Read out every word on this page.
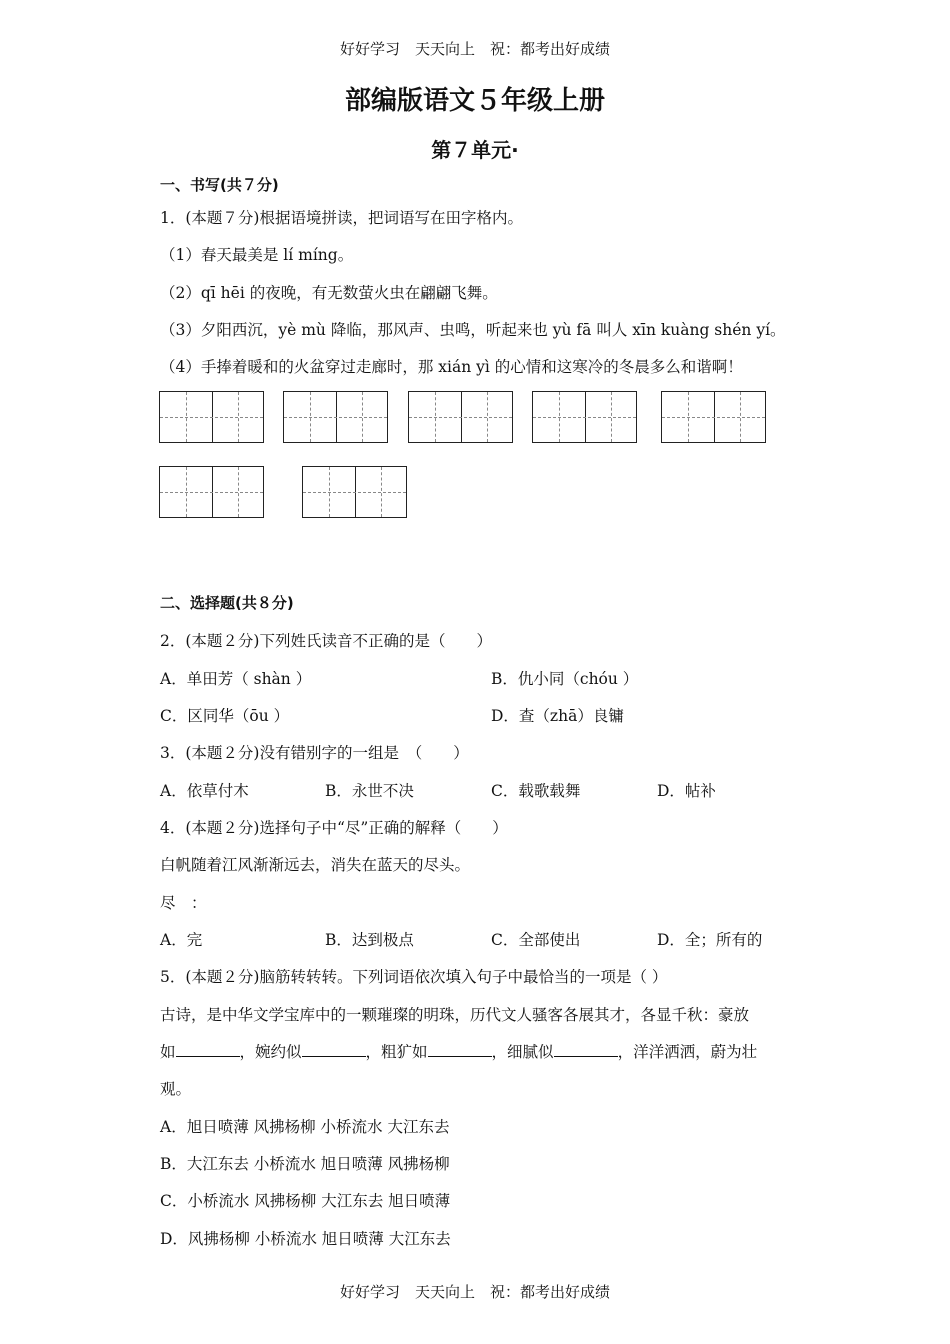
好好学习　天天向上　祝：都考出好成绩
部编版语文５年级上册
第７单元·
一、书写(共７分)
1．(本题７分)根据语境拼读，把词语写在田字格内。
（1）春天最美是 lí míng。
（2）qī hēi 的夜晚，有无数萤火虫在翩翩飞舞。
（3）夕阳西沉，yè mù 降临，那风声、虫鸣，听起来也 yù fā 叫人 xīn kuàng shén yí。
（4）手捧着暖和的火盆穿过走廊时，那 xián yì 的心情和这寒冷的冬晨多么和谐啊！
二、选择题(共８分)
2．(本题２分)下列姓氏读音不正确的是（　　）
A．单田芳（ shàn ）	B．仇小同（chóu ）
C．区同华（ōu ）	D．查（zhā）良镛
3．(本题２分)没有错别字的一组是　（　　）
A．依草付木	B．永世不决	C．载歌载舞	D．帖补
4．(本题２分)选择句子中“尽”正确的解释（　　）
白帆随着江风渐渐远去，消失在蓝天的尽头。
尽　：
A．完	B．达到极点	C．全部使出	D．全；所有的
5．(本题２分)脑筋转转转。下列词语依次填入句子中最恰当的一项是（ ）
古诗，是中华文学宝库中的一颗璀璨的明珠，历代文人骚客各展其才，各显千秋：豪放
如	，婉约似	，粗犷如	，细腻似	，洋洋洒洒，蔚为壮
观。
A．旭日喷薄 风拂杨柳 小桥流水 大江东去
B．大江东去 小桥流水 旭日喷薄 风拂杨柳
C．小桥流水 风拂杨柳 大江东去 旭日喷薄
D．风拂杨柳 小桥流水 旭日喷薄 大江东去
好好学习　天天向上　祝：都考出好成绩
